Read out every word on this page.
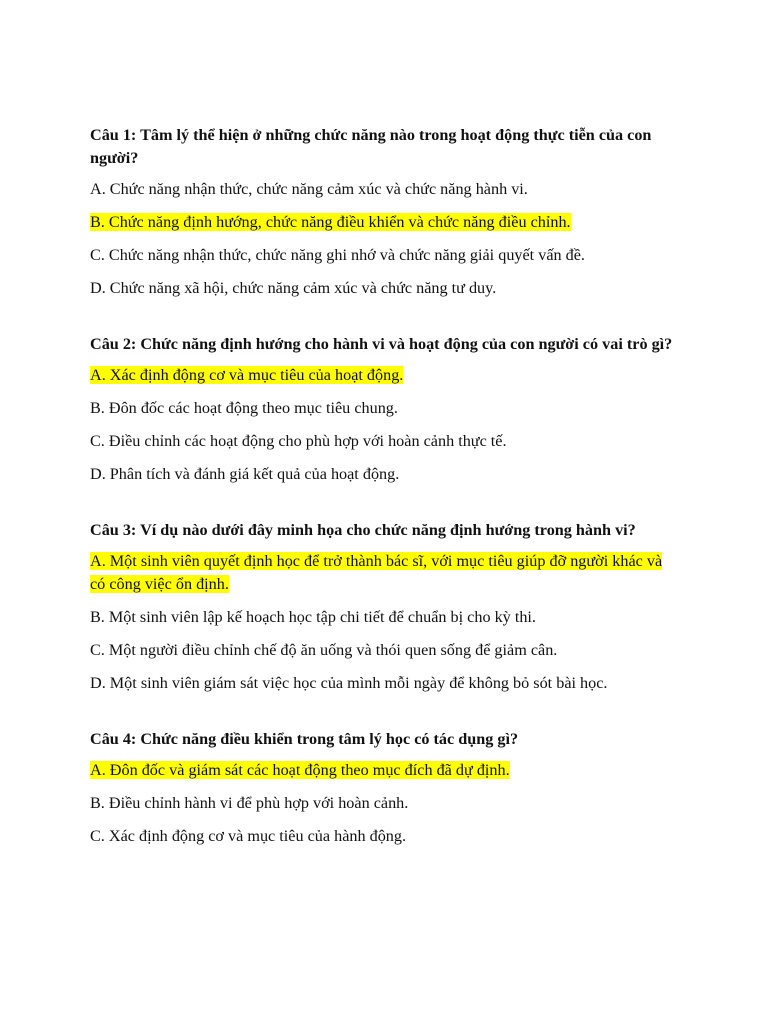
Câu 1: Tâm lý thể hiện ở những chức năng nào trong hoạt động thực tiễn của con người?
A. Chức năng nhận thức, chức năng cảm xúc và chức năng hành vi.
B. Chức năng định hướng, chức năng điều khiển và chức năng điều chỉnh.
C. Chức năng nhận thức, chức năng ghi nhớ và chức năng giải quyết vấn đề.
D. Chức năng xã hội, chức năng cảm xúc và chức năng tư duy.
Câu 2: Chức năng định hướng cho hành vi và hoạt động của con người có vai trò gì?
A. Xác định động cơ và mục tiêu của hoạt động.
B. Đôn đốc các hoạt động theo mục tiêu chung.
C. Điều chỉnh các hoạt động cho phù hợp với hoàn cảnh thực tế.
D. Phân tích và đánh giá kết quả của hoạt động.
Câu 3: Ví dụ nào dưới đây minh họa cho chức năng định hướng trong hành vi?
A. Một sinh viên quyết định học để trở thành bác sĩ, với mục tiêu giúp đỡ người khác và có công việc ổn định.
B. Một sinh viên lập kế hoạch học tập chi tiết để chuẩn bị cho kỳ thi.
C. Một người điều chỉnh chế độ ăn uống và thói quen sống để giảm cân.
D. Một sinh viên giám sát việc học của mình mỗi ngày để không bỏ sót bài học.
Câu 4: Chức năng điều khiển trong tâm lý học có tác dụng gì?
A. Đôn đốc và giám sát các hoạt động theo mục đích đã dự định.
B. Điều chỉnh hành vi để phù hợp với hoàn cảnh.
C. Xác định động cơ và mục tiêu của hành động.
